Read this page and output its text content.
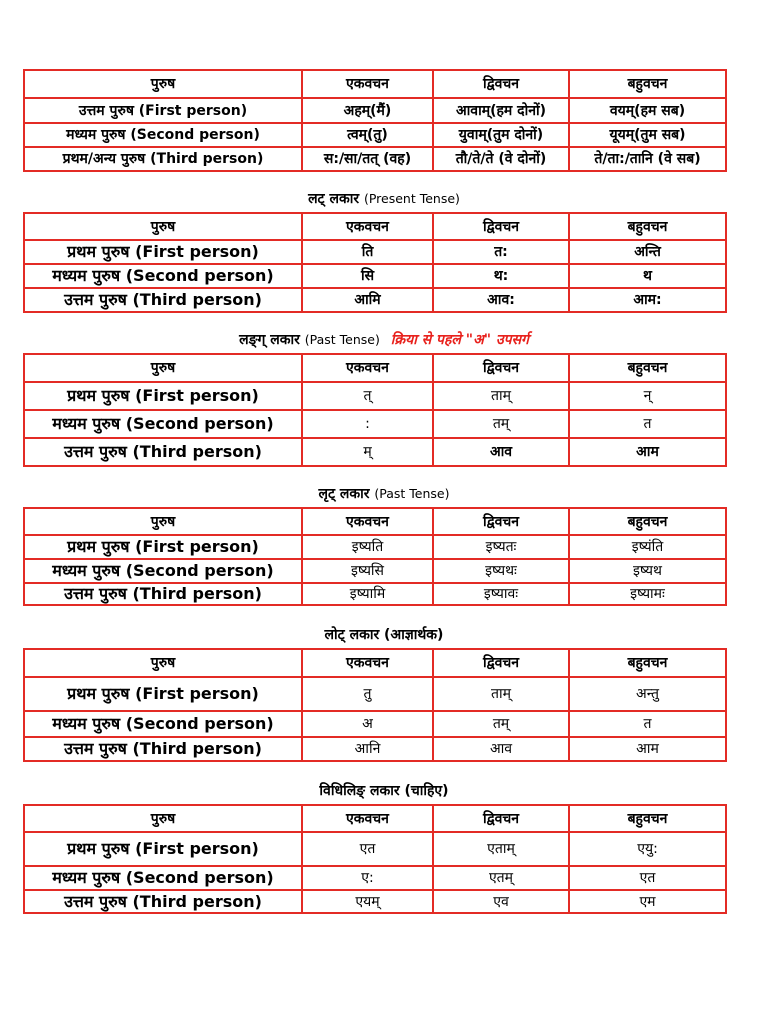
पुरुष	एकवचन	द्विवचन	बहुवचन
उत्तम पुरुष (First person)	अहम्(मैं)	आवाम्(हम दोनों)	वयम्(हम सब)
मध्यम पुरुष (Second person)	त्वम्(तु)	युवाम्(तुम दोनों)	यूयम्(तुम सब)
प्रथम/अन्य पुरुष (Third person)	स:/सा/तत् (वह)	तौ/ते/ते (वे दोनों)	ते/ता:/तानि (वे सब)
लट् लकार (Present Tense)
पुरुष	एकवचन	द्विवचन	बहुवचन
प्रथम पुरुष (First person)	ति	त:	अन्ति
मध्यम पुरुष (Second person)	सि	थ:	थ
उत्तम पुरुष (Third person)	आमि	आव:	आम:
लङ्ग् लकार (Past Tense) क्रिया से पहले "अ" उपसर्ग
पुरुष	एकवचन	द्विवचन	बहुवचन
प्रथम पुरुष (First person)	त्	ताम्	न्
मध्यम पुरुष (Second person)	:	तम्	त
उत्तम पुरुष (Third person)	म्	आव	आम
लृट् लकार (Past Tense)
पुरुष	एकवचन	द्विवचन	बहुवचन
प्रथम पुरुष (First person)	इष्यति	इष्यतः	इष्यंति
मध्यम पुरुष (Second person)	इष्यसि	इष्यथः	इष्यथ
उत्तम पुरुष (Third person)	इष्यामि	इष्यावः	इष्यामः
लोट् लकार (आज्ञार्थक)
पुरुष	एकवचन	द्विवचन	बहुवचन
प्रथम पुरुष (First person)	तु	ताम्	अन्तु
मध्यम पुरुष (Second person)	अ	तम्	त
उत्तम पुरुष (Third person)	आनि	आव	आम
विधिलिङ् लकार (चाहिए)
पुरुष	एकवचन	द्विवचन	बहुवचन
प्रथम पुरुष (First person)	एत	एताम्	एयु:
मध्यम पुरुष (Second person)	ए:	एतम्	एत
उत्तम पुरुष (Third person)	एयम्	एव	एम
